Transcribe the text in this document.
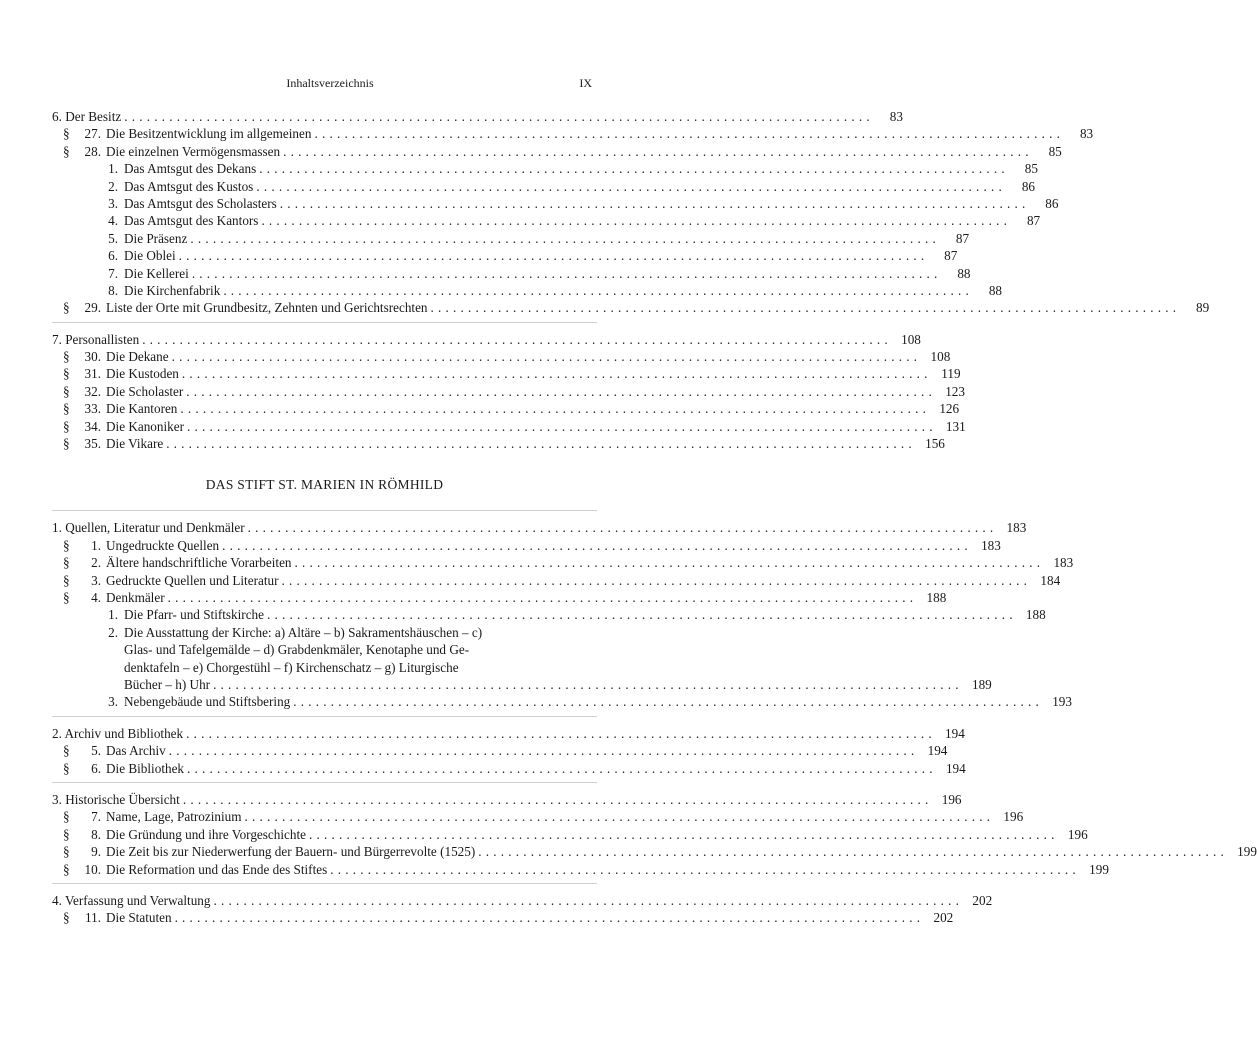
Inhaltsverzeichnis	IX
6. Der Besitz ....................................................................................................	83
§ 27. Die Besitzentwicklung im allgemeinen ....................................................................................................	83
§ 28. Die einzelnen Vermögensmassen ....................................................................................................	85
1. Das Amtsgut des Dekans ....................................................................................................	85
2. Das Amtsgut des Kustos ....................................................................................................	86
3. Das Amtsgut des Scholasters ....................................................................................................	86
4. Das Amtsgut des Kantors ....................................................................................................	87
5. Die Präsenz ....................................................................................................	87
6. Die Oblei ....................................................................................................	87
7. Die Kellerei ....................................................................................................	88
8. Die Kirchenfabrik ....................................................................................................	88
§ 29. Liste der Orte mit Grundbesitz, Zehnten und Gerichtsrechten ....................................................................................................	89
7. Personallisten .................................................................................................... 108
§ 30. Die Dekane .................................................................................................... 108
§ 31. Die Kustoden .................................................................................................... 119
§ 32. Die Scholaster .................................................................................................... 123
§ 33. Die Kantoren .................................................................................................... 126
§ 34. Die Kanoniker .................................................................................................... 131
§ 35. Die Vikare .................................................................................................... 156
DAS STIFT ST. MARIEN IN RÖMHILD
1. Quellen, Literatur und Denkmäler .................................................................................................... 183
§ 1. Ungedruckte Quellen .................................................................................................... 183
§ 2. Ältere handschriftliche Vorarbeiten .................................................................................................... 183
§ 3. Gedruckte Quellen und Literatur .................................................................................................... 184
§ 4. Denkmäler .................................................................................................... 188
1. Die Pfarr- und Stiftskirche .................................................................................................... 188
2. Die Ausstattung der Kirche: a) Altäre – b) Sakramentshäuschen – c)
Glas- und Tafelgemälde – d) Grabdenkmäler, Kenotaphe und Ge-
denktafeln – e) Chorgestühl – f) Kirchenschatz – g) Liturgische
Bücher – h) Uhr .................................................................................................... 189
3. Nebengebäude und Stiftsbering .................................................................................................... 193
2. Archiv und Bibliothek .................................................................................................... 194
§ 5. Das Archiv .................................................................................................... 194
§ 6. Die Bibliothek .................................................................................................... 194
3. Historische Übersicht .................................................................................................... 196
§ 7. Name, Lage, Patrozinium .................................................................................................... 196
§ 8. Die Gründung und ihre Vorgeschichte .................................................................................................... 196
§ 9. Die Zeit bis zur Niederwerfung der Bauern- und Bürgerrevolte (1525) .................................................................................................... 199
§ 10. Die Reformation und das Ende des Stiftes .................................................................................................... 199
4. Verfassung und Verwaltung .................................................................................................... 202
§ 11. Die Statuten .................................................................................................... 202
